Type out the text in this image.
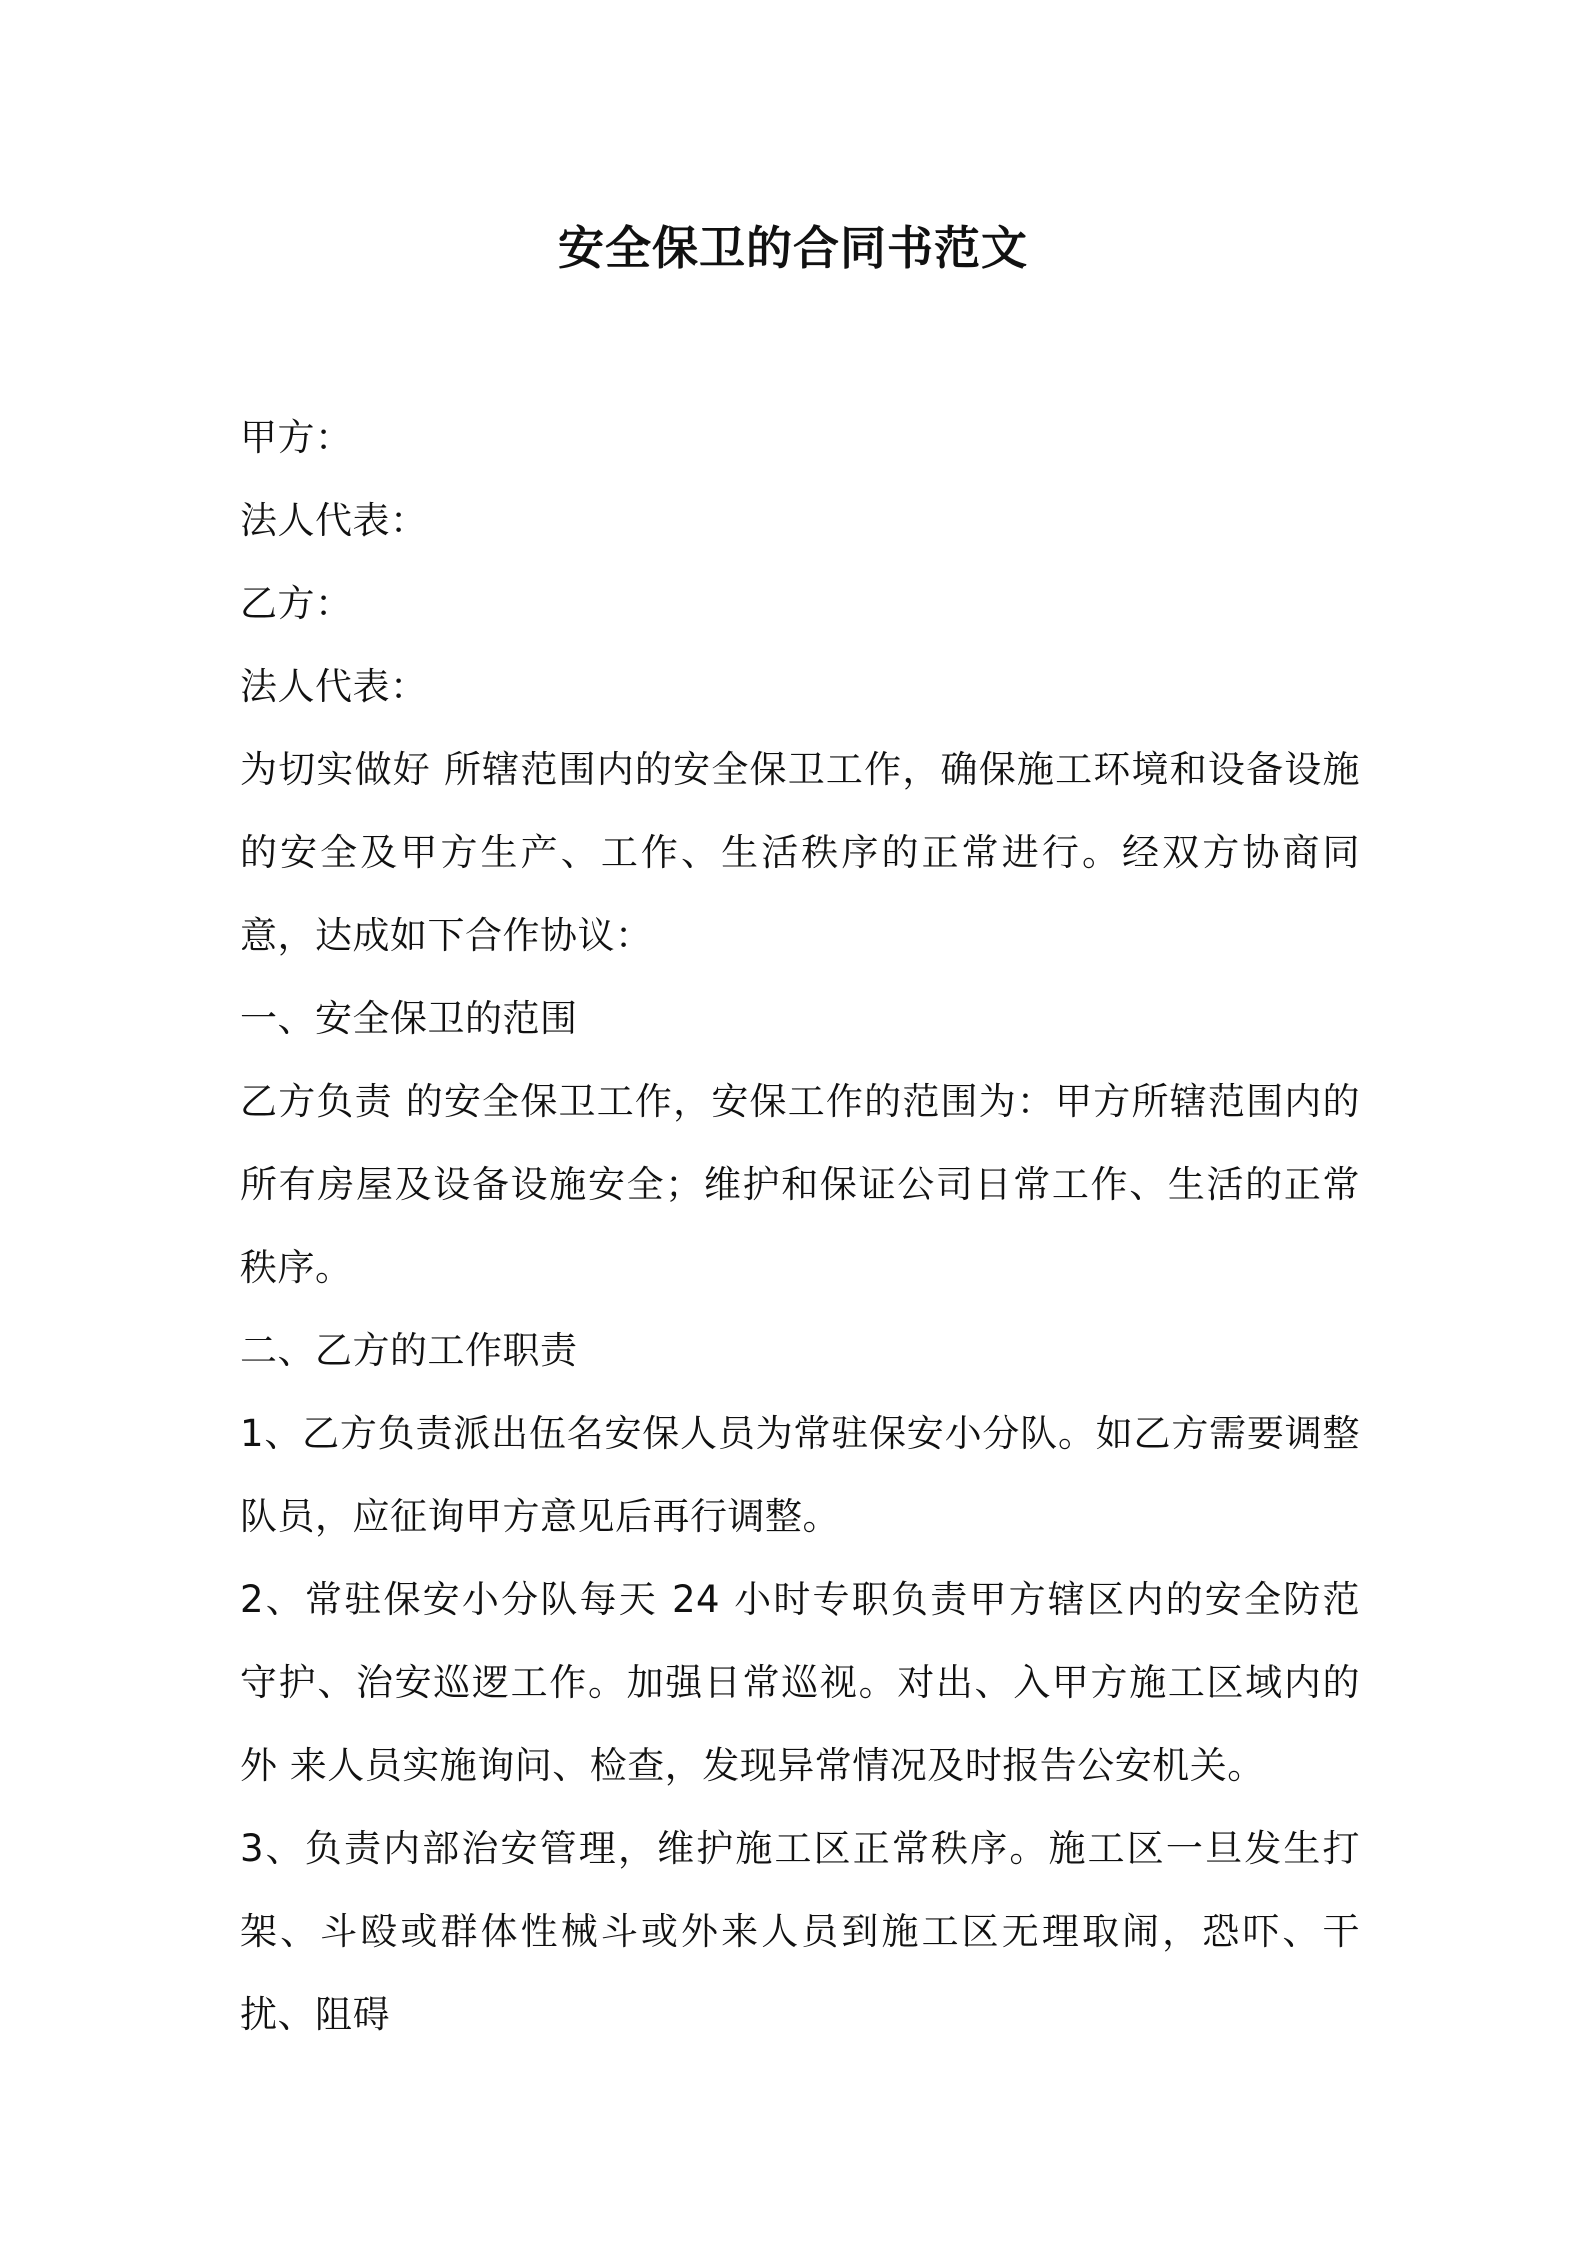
安全保卫的合同书范文

甲方：

法人代表：

乙方：

法人代表：

为切实做好 所辖范围内的安全保卫工作，确保施工环境和设备设施的安全及甲方生产、工作、生活秩序的正常进行。经双方协商同意，达成如下合作协议：

一、安全保卫的范围

乙方负责 的安全保卫工作，安保工作的范围为：甲方所辖范围内的所有房屋及设备设施安全；维护和保证公司日常工作、生活的正常秩序。

二、乙方的工作职责

1、乙方负责派出伍名安保人员为常驻保安小分队。如乙方需要调整队员，应征询甲方意见后再行调整。

2、常驻保安小分队每天 24 小时专职负责甲方辖区内的安全防范 守护、治安巡逻工作。加强日常巡视。对出、入甲方施工区域内的外 来人员实施询问、检查，发现异常情况及时报告公安机关。

3、负责内部治安管理，维护施工区正常秩序。施工区一旦发生打架、斗殴或群体性械斗或外来人员到施工区无理取闹，恐吓、干扰、阻碍
